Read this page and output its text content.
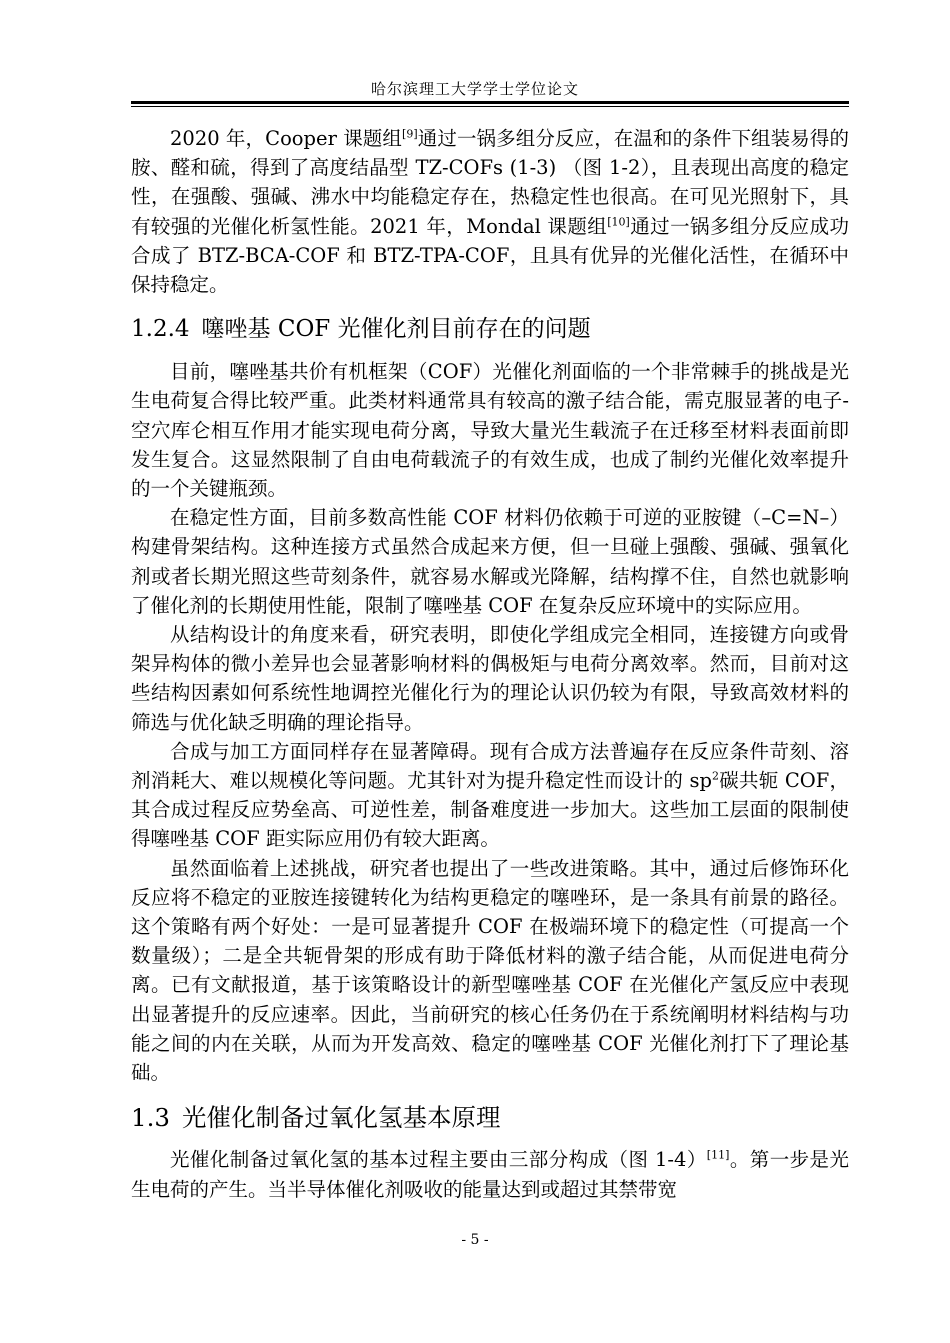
哈尔滨理工大学学士学位论文

2020 年，Cooper 课题组[9]通过一锅多组分反应，在温和的条件下组装易得的胺、醛和硫，得到了高度结晶型 TZ-COFs (1-3) （图 1-2），且表现出高度的稳定性，在强酸、强碱、沸水中均能稳定存在，热稳定性也很高。在可见光照射下，具有较强的光催化析氢性能。2021 年，Mondal 课题组[10]通过一锅多组分反应成功合成了 BTZ-BCA-COF 和 BTZ-TPA-COF，且具有优异的光催化活性，在循环中保持稳定。

1.2.4 噻唑基 COF 光催化剂目前存在的问题

目前，噻唑基共价有机框架（COF）光催化剂面临的一个非常棘手的挑战是光生电荷复合得比较严重。此类材料通常具有较高的激子结合能，需克服显著的电子-空穴库仑相互作用才能实现电荷分离，导致大量光生载流子在迁移至材料表面前即发生复合。这显然限制了自由电荷载流子的有效生成，也成了制约光催化效率提升的一个关键瓶颈。

在稳定性方面，目前多数高性能 COF 材料仍依赖于可逆的亚胺键（–C=N–）构建骨架结构。这种连接方式虽然合成起来方便，但一旦碰上强酸、强碱、强氧化剂或者长期光照这些苛刻条件，就容易水解或光降解，结构撑不住，自然也就影响了催化剂的长期使用性能，限制了噻唑基 COF 在复杂反应环境中的实际应用。

从结构设计的角度来看，研究表明，即使化学组成完全相同，连接键方向或骨架异构体的微小差异也会显著影响材料的偶极矩与电荷分离效率。然而，目前对这些结构因素如何系统性地调控光催化行为的理论认识仍较为有限，导致高效材料的筛选与优化缺乏明确的理论指导。

合成与加工方面同样存在显著障碍。现有合成方法普遍存在反应条件苛刻、溶剂消耗大、难以规模化等问题。尤其针对为提升稳定性而设计的 $sp^2$碳共轭 COF，其合成过程反应势垒高、可逆性差，制备难度进一步加大。这些加工层面的限制使得噻唑基 COF 距实际应用仍有较大距离。

虽然面临着上述挑战，研究者也提出了一些改进策略。其中，通过后修饰环化反应将不稳定的亚胺连接键转化为结构更稳定的噻唑环，是一条具有前景的路径。这个策略有两个好处：一是可显著提升 COF 在极端环境下的稳定性（可提高一个数量级）；二是全共轭骨架的形成有助于降低材料的激子结合能，从而促进电荷分离。已有文献报道，基于该策略设计的新型噻唑基 COF 在光催化产氢反应中表现出显著提升的反应速率。因此，当前研究的核心任务仍在于系统阐明材料结构与功能之间的内在关联，从而为开发高效、稳定的噻唑基 COF 光催化剂打下了理论基础。

1.3 光催化制备过氧化氢基本原理

光催化制备过氧化氢的基本过程主要由三部分构成（图 1-4）[11]。第一步是光生电荷的产生。当半导体催化剂吸收的能量达到或超过其禁带宽

- 5 -
